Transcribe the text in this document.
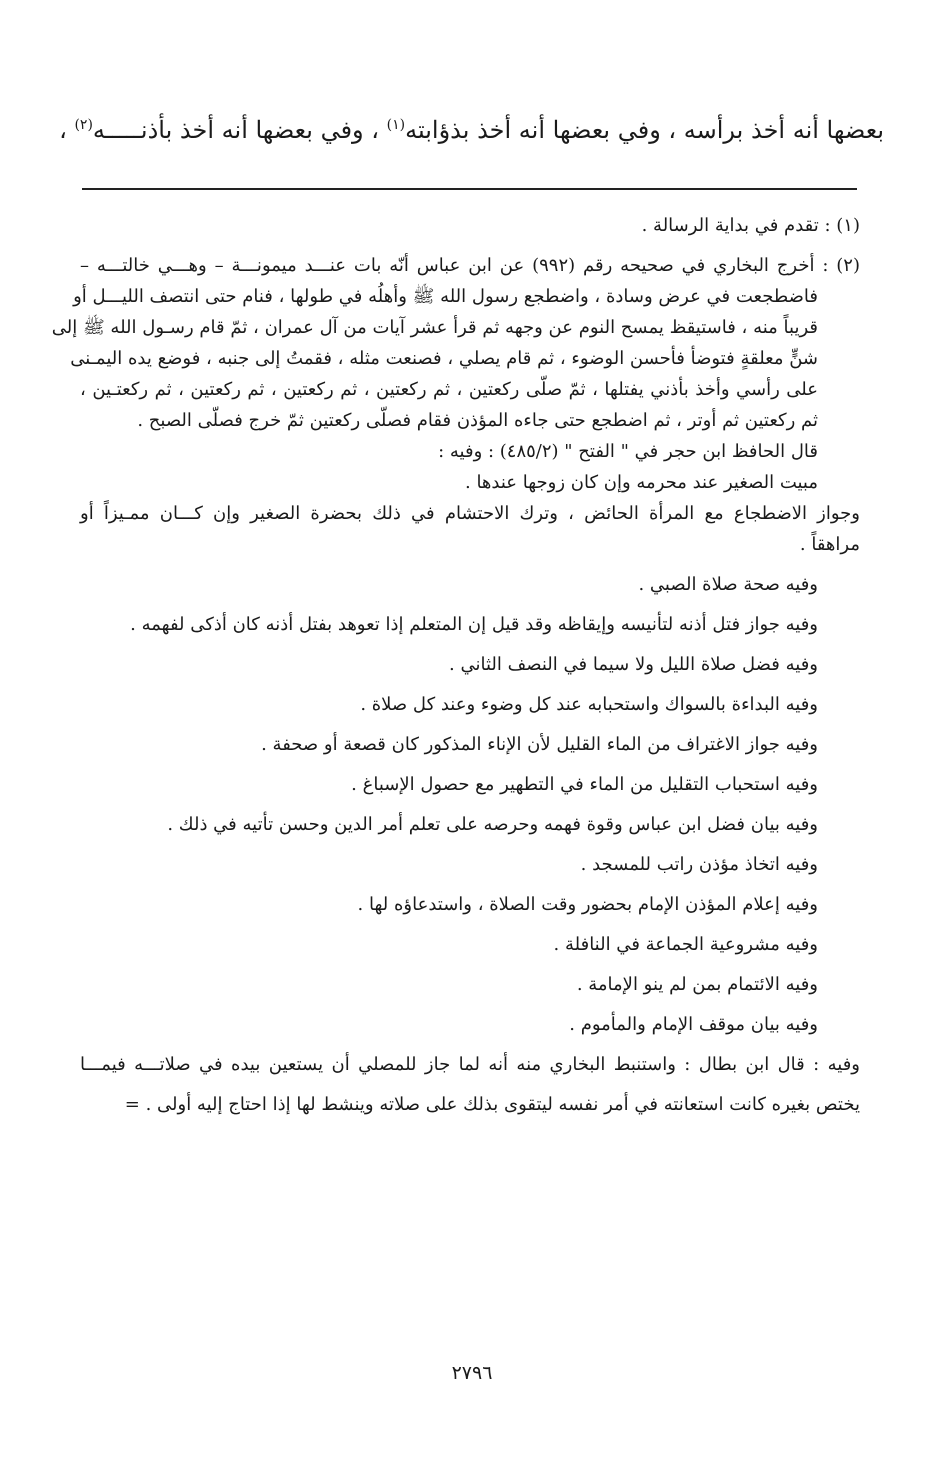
بعضها أنه أخذ برأسه ، وفي بعضها أنه أخذ بذؤابته$^{(١)}$ ، وفي بعضها أنه أخذ بأذنـــــه$^{(٢)}$ ،
(١) : تقدم في بداية الرسالة .
(٢) : أخرج البخاري في صحيحه رقم (٩٩٢) عن ابن عباس أنّه بات عنـــد ميمونـــة – وهـــي خالتـــه –
فاضطجعت في عرض وسادة ، واضطجع رسول الله ﷺ وأهلُه في طولها ، فنام حتى انتصف الليـــل أو
قريباً منه ، فاستيقظ يمسح النوم عن وجهه ثم قرأ عشر آيات من آل عمران ، ثمّ قام رسـول الله ﷺ إلى
شنٍّ معلقةٍ فتوضأ فأحسن الوضوء ، ثم قام يصلي ، فصنعت مثله ، فقمتُ إلى جنبه ، فوضع يده اليمـنى
على رأسي وأخذ بأذني يفتلها ، ثمّ صلّى ركعتين ، ثم ركعتين ، ثم ركعتين ، ثم ركعتين ، ثم ركعتـين ،
ثم ركعتين ثم أوتر ، ثم اضطجع حتى جاءه المؤذن فقام فصلّى ركعتين ثمّ خرج فصلّى الصبح .
قال الحافظ ابن حجر في " الفتح " (٤٨٥/٢) : وفيه :
مبيت الصغير عند محرمه وإن كان زوجها عندها .
وجواز الاضطجاع مع المرأة الحائض ، وترك الاحتشام في ذلك بحضرة الصغير وإن كـــان ممـيزاً أو
مراهقاً .
وفيه صحة صلاة الصبي .
وفيه جواز فتل أذنه لتأنيسه وإيقاظه وقد قيل إن المتعلم إذا تعوهد بفتل أذنه كان أذكى لفهمه .
وفيه فضل صلاة الليل ولا سيما في النصف الثاني .
وفيه البداءة بالسواك واستحبابه عند كل وضوء وعند كل صلاة .
وفيه جواز الاغتراف من الماء القليل لأن الإناء المذكور كان قصعة أو صحفة .
وفيه استحباب التقليل من الماء في التطهير مع حصول الإسباغ .
وفيه بيان فضل ابن عباس وقوة فهمه وحرصه على تعلم أمر الدين وحسن تأتيه في ذلك .
وفيه اتخاذ مؤذن راتب للمسجد .
وفيه إعلام المؤذن الإمام بحضور وقت الصلاة ، واستدعاؤه لها .
وفيه مشروعية الجماعة في النافلة .
وفيه الائتمام بمن لم ينو الإمامة .
وفيه بيان موقف الإمام والمأموم .
وفيه : قال ابن بطال : واستنبط البخاري منه أنه لما جاز للمصلي أن يستعين بيده في صلاتـــه فيمـــا
يختص بغيره كانت استعانته في أمر نفسه ليتقوى بذلك على صلاته وينشط لها إذا احتاج إليه أولى . =
٢٧٩٦
